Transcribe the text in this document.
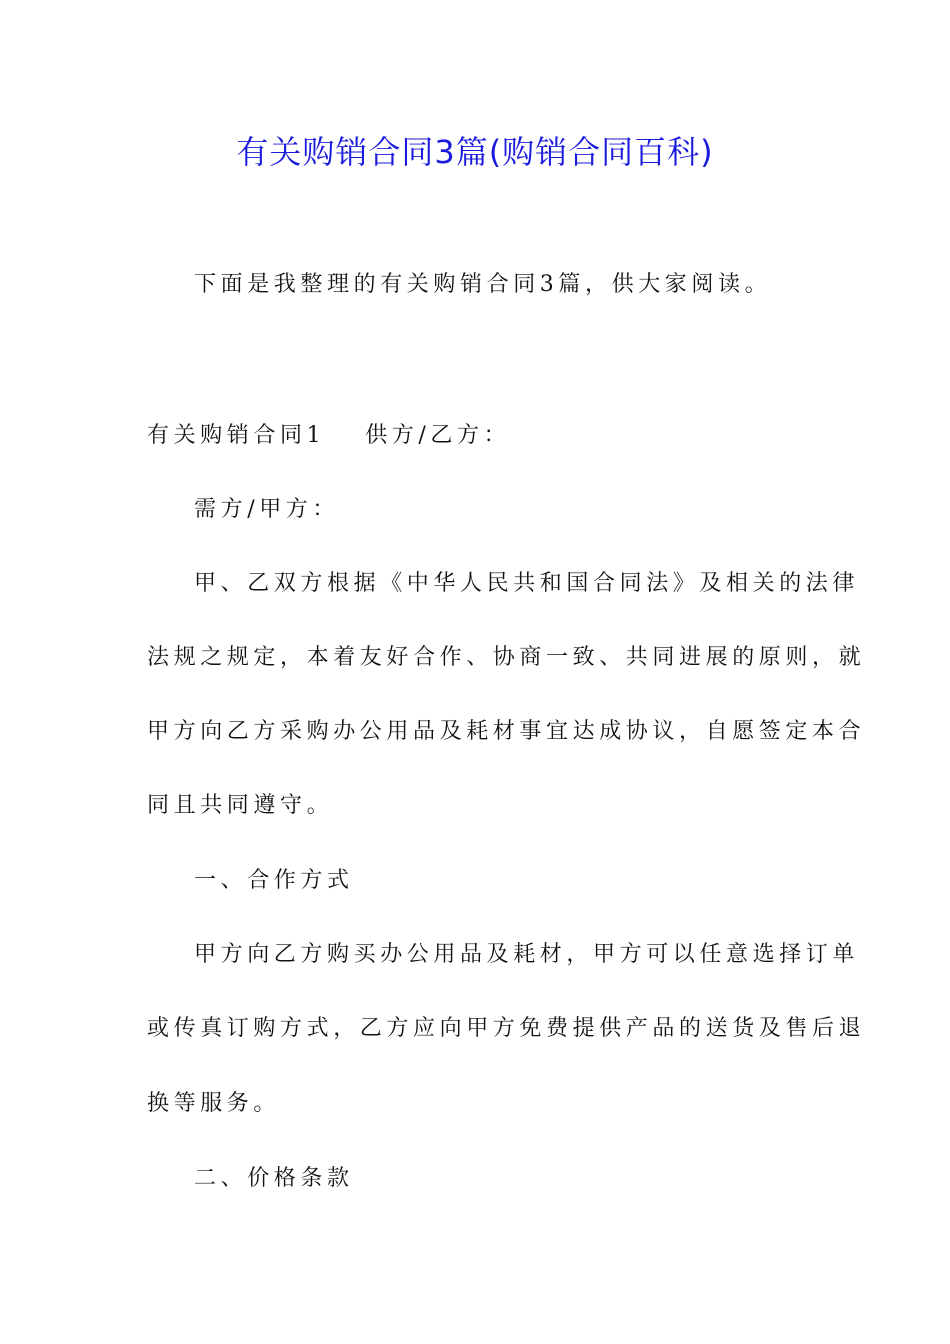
有关购销合同3篇(购销合同百科)
下面是我整理的有关购销合同3篇，供大家阅读。
有关购销合同1 供方/乙方：
需方/甲方：
甲、乙双方根据《中华人民共和国合同法》及相关的法律
法规之规定，本着友好合作、协商一致、共同进展的原则，就
甲方向乙方采购办公用品及耗材事宜达成协议，自愿签定本合
同且共同遵守。
一、合作方式
甲方向乙方购买办公用品及耗材，甲方可以任意选择订单
或传真订购方式，乙方应向甲方免费提供产品的送货及售后退
换等服务。
二、价格条款
